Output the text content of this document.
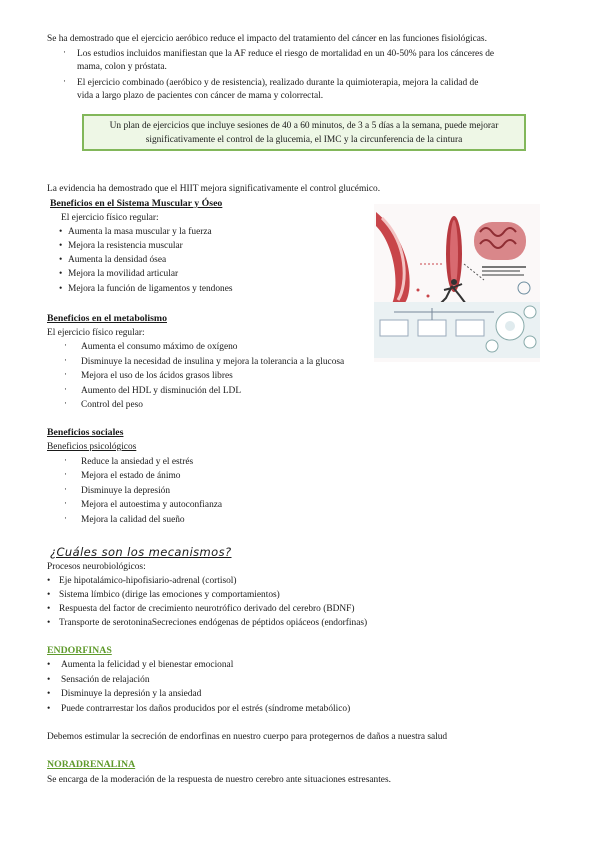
Se ha demostrado que el ejercicio aeróbico reduce el impacto del tratamiento del cáncer en las funciones fisiológicas.
· Los estudios incluidos manifiestan que la AF reduce el riesgo de mortalidad en un 40-50% para los cánceres de
mama, colon y próstata.
· El ejercicio combinado (aeróbico y de resistencia), realizado durante la quimioterapia, mejora la calidad de
vida a largo plazo de pacientes con cáncer de mama y colorrectal.
Un plan de ejercicios que incluye sesiones de 40 a 60 minutos, de 3 a 5 días a la semana, puede mejorar
significativamente el control de la glucemia, el IMC y la circunferencia de la cintura
La evidencia ha demostrado que el HIIT mejora significativamente el control glucémico.
Beneficios en el Sistema Muscular y Óseo
El ejercicio físico regular:
• Aumenta la masa muscular y la fuerza
• Mejora la resistencia muscular
• Aumenta la densidad ósea
• Mejora la movilidad articular
• Mejora la función de ligamentos y tendones
Beneficios en el metabolismo
El ejercicio físico regular:
· Aumenta el consumo máximo de oxígeno
· Disminuye la necesidad de insulina y mejora la tolerancia a la glucosa
· Mejora el uso de los ácidos grasos libres
· Aumento del HDL y disminución del LDL
· Control del peso
Beneficios sociales
Beneficios psicológicos
· Reduce la ansiedad y el estrés
· Mejora el estado de ánimo
· Disminuye la depresión
· Mejora el autoestima y autoconfianza
· Mejora la calidad del sueño
¿Cuáles son los mecanismos?
Procesos neurobiológicos:
• Eje hipotalámico-hipofisiario-adrenal (cortisol)
• Sistema límbico (dirige las emociones y comportamientos)
• Respuesta del factor de crecimiento neurotrófico derivado del cerebro (BDNF)
• Transporte de serotoninaSecreciones endógenas de péptidos opiáceos (endorfinas)
ENDORFINAS
• Aumenta la felicidad y el bienestar emocional
• Sensación de relajación
• Disminuye la depresión y la ansiedad
• Puede contrarrestar los daños producidos por el estrés (síndrome metabólico)
Debemos estimular la secreción de endorfinas en nuestro cuerpo para protegernos de daños a nuestra salud
NORADRENALINA
Se encarga de la moderación de la respuesta de nuestro cerebro ante situaciones estresantes.
